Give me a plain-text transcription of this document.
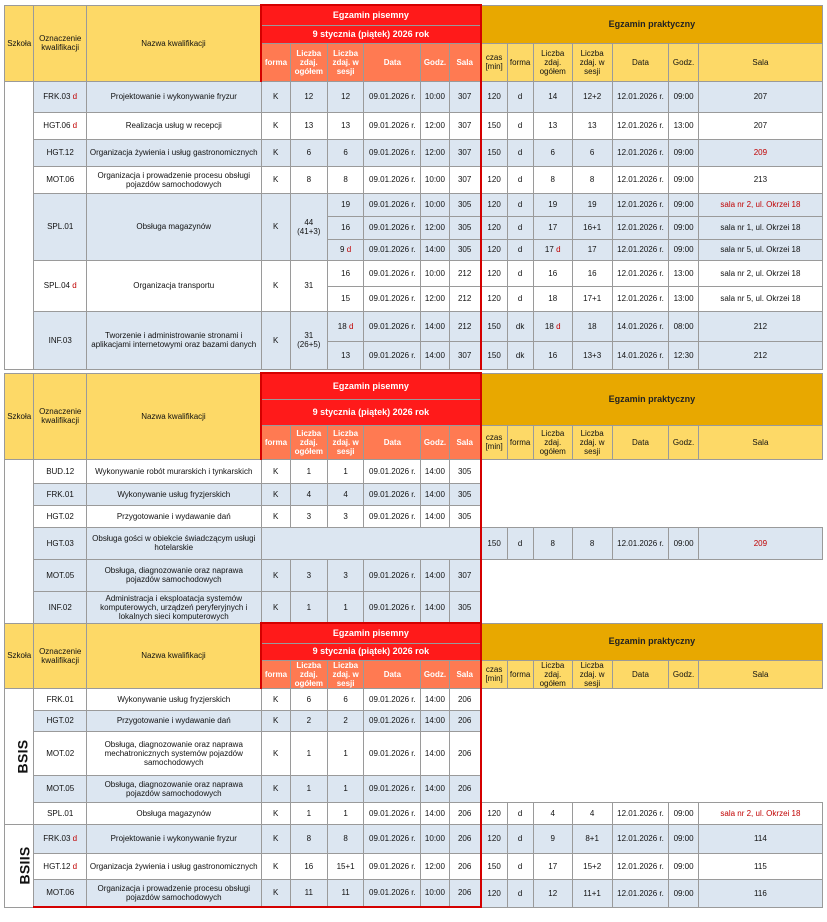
Szkoła	Oznaczenie kwalifikacji	Nazwa kwalifikacji	Egzamin pisemny						Egzamin praktyczny						
			9 stycznia (piątek) 2026 rok												
			forma	Liczba zdaj. ogółem	Liczba zdaj. w sesji	Data	Godz.	Sala	czas [min]	forma	Liczba zdaj. ogółem	Liczba zdaj. w sesji	Data	Godz.	Sala
	FRK.03 d	Projektowanie i wykonywanie fryzur	K	12	12	09.01.2026 r.	10:00	307	120	d	14	12+2	12.01.2026 r.	09:00	207
	HGT.06 d	Realizacja usług w recepcji	K	13	13	09.01.2026 r.	12:00	307	150	d	13	13	12.01.2026 r.	13:00	207
	HGT.12	Organizacja żywienia i usług gastronomicznych	K	6	6	09.01.2026 r.	12:00	307	150	d	6	6	12.01.2026 r.	09:00	209
	MOT.06	Organizacja i prowadzenie procesu obsługi pojazdów samochodowych	K	8	8	09.01.2026 r.	10:00	307	120	d	8	8	12.01.2026 r.	09:00	213
	SPL.01	Obsługa magazynów	K	44 (41+3)	19	09.01.2026 r.	10:00	305	120	d	19	19	12.01.2026 r.	09:00	sala nr 2, ul. Okrzei 18
					16	09.01.2026 r.	12:00	305	120	d	17	16+1	12.01.2026 r.	09:00	sala nr 1, ul. Okrzei 18
					9 d	09.01.2026 r.	14:00	305	120	d	17 d	17	12.01.2026 r.	09:00	sala nr 5, ul. Okrzei 18
	SPL.04 d	Organizacja transportu	K	31	16	09.01.2026 r.	10:00	212	120	d	16	16	12.01.2026 r.	13:00	sala nr 2, ul. Okrzei 18
					15	09.01.2026 r.	12:00	212	120	d	18	17+1	12.01.2026 r.	13:00	sala nr 5, ul. Okrzei 18
	INF.03	Tworzenie i administrowanie stronami i aplikacjami internetowymi oraz bazami danych	K	31 (26+5)	18 d	09.01.2026 r.	14:00	212	150	dk	18 d	18	14.01.2026 r.	08:00	212
					13	09.01.2026 r.	14:00	307	150	dk	16	13+3	14.01.2026 r.	12:30	212
Szkoła	Oznaczenie kwalifikacji	Nazwa kwalifikacji	Egzamin pisemny						Egzamin praktyczny						
			9 stycznia (piątek) 2026 rok												
			forma	Liczba zdaj. ogółem	Liczba zdaj. w sesji	Data	Godz.	Sala	czas [min]	forma	Liczba zdaj. ogółem	Liczba zdaj. w sesji	Data	Godz.	Sala
	BUD.12	Wykonywanie robót murarskich i tynkarskich	K	1	1	09.01.2026 r.	14:00	305							
	FRK.01	Wykonywanie usług fryzjerskich	K	4	4	09.01.2026 r.	14:00	305							
	HGT.02	Przygotowanie i wydawanie dań	K	3	3	09.01.2026 r.	14:00	305							
	HGT.03	Obsługa gości w obiekcie świadczącym usługi hotelarskie							150	d	8	8	12.01.2026 r.	09:00	209
	MOT.05	Obsługa, diagnozowanie oraz naprawa pojazdów samochodowych	K	3	3	09.01.2026 r.	14:00	307							
	INF.02	Administracja i eksploatacja systemów komputerowych, urządzeń peryferyjnych i lokalnych sieci komputerowych	K	1	1	09.01.2026 r.	14:00	305							
Szkoła	Oznaczenie kwalifikacji	Nazwa kwalifikacji	Egzamin pisemny						Egzamin praktyczny						
			9 stycznia (piątek) 2026 rok												
			forma	Liczba zdaj. ogółem	Liczba zdaj. w sesji	Data	Godz.	Sala	czas [min]	forma	Liczba zdaj. ogółem	Liczba zdaj. w sesji	Data	Godz.	Sala
BSIS	FRK.01	Wykonywanie usług fryzjerskich	K	6	6	09.01.2026 r.	14:00	206							
	HGT.02	Przygotowanie i wydawanie dań	K	2	2	09.01.2026 r.	14:00	206							
	MOT.02	Obsługa, diagnozowanie oraz naprawa mechatronicznych systemów pojazdów samochodowych	K	1	1	09.01.2026 r.	14:00	206							
	MOT.05	Obsługa, diagnozowanie oraz naprawa pojazdów samochodowych	K	1	1	09.01.2026 r.	14:00	206							
	SPL.01	Obsługa magazynów	K	1	1	09.01.2026 r.	14:00	206	120	d	4	4	12.01.2026 r.	09:00	sala nr 2, ul. Okrzei 18
BSIIS	FRK.03 d	Projektowanie i wykonywanie fryzur	K	8	8	09.01.2026 r.	10:00	206	120	d	9	8+1	12.01.2026 r.	09:00	114
	HGT.12 d	Organizacja żywienia i usług gastronomicznych	K	16	15+1	09.01.2026 r.	12:00	206	150	d	17	15+2	12.01.2026 r.	09:00	115
	MOT.06	Organizacja i prowadzenie procesu obsługi pojazdów samochodowych	K	11	11	09.01.2026 r.	10:00	206	120	d	12	11+1	12.01.2026 r.	09:00	116
